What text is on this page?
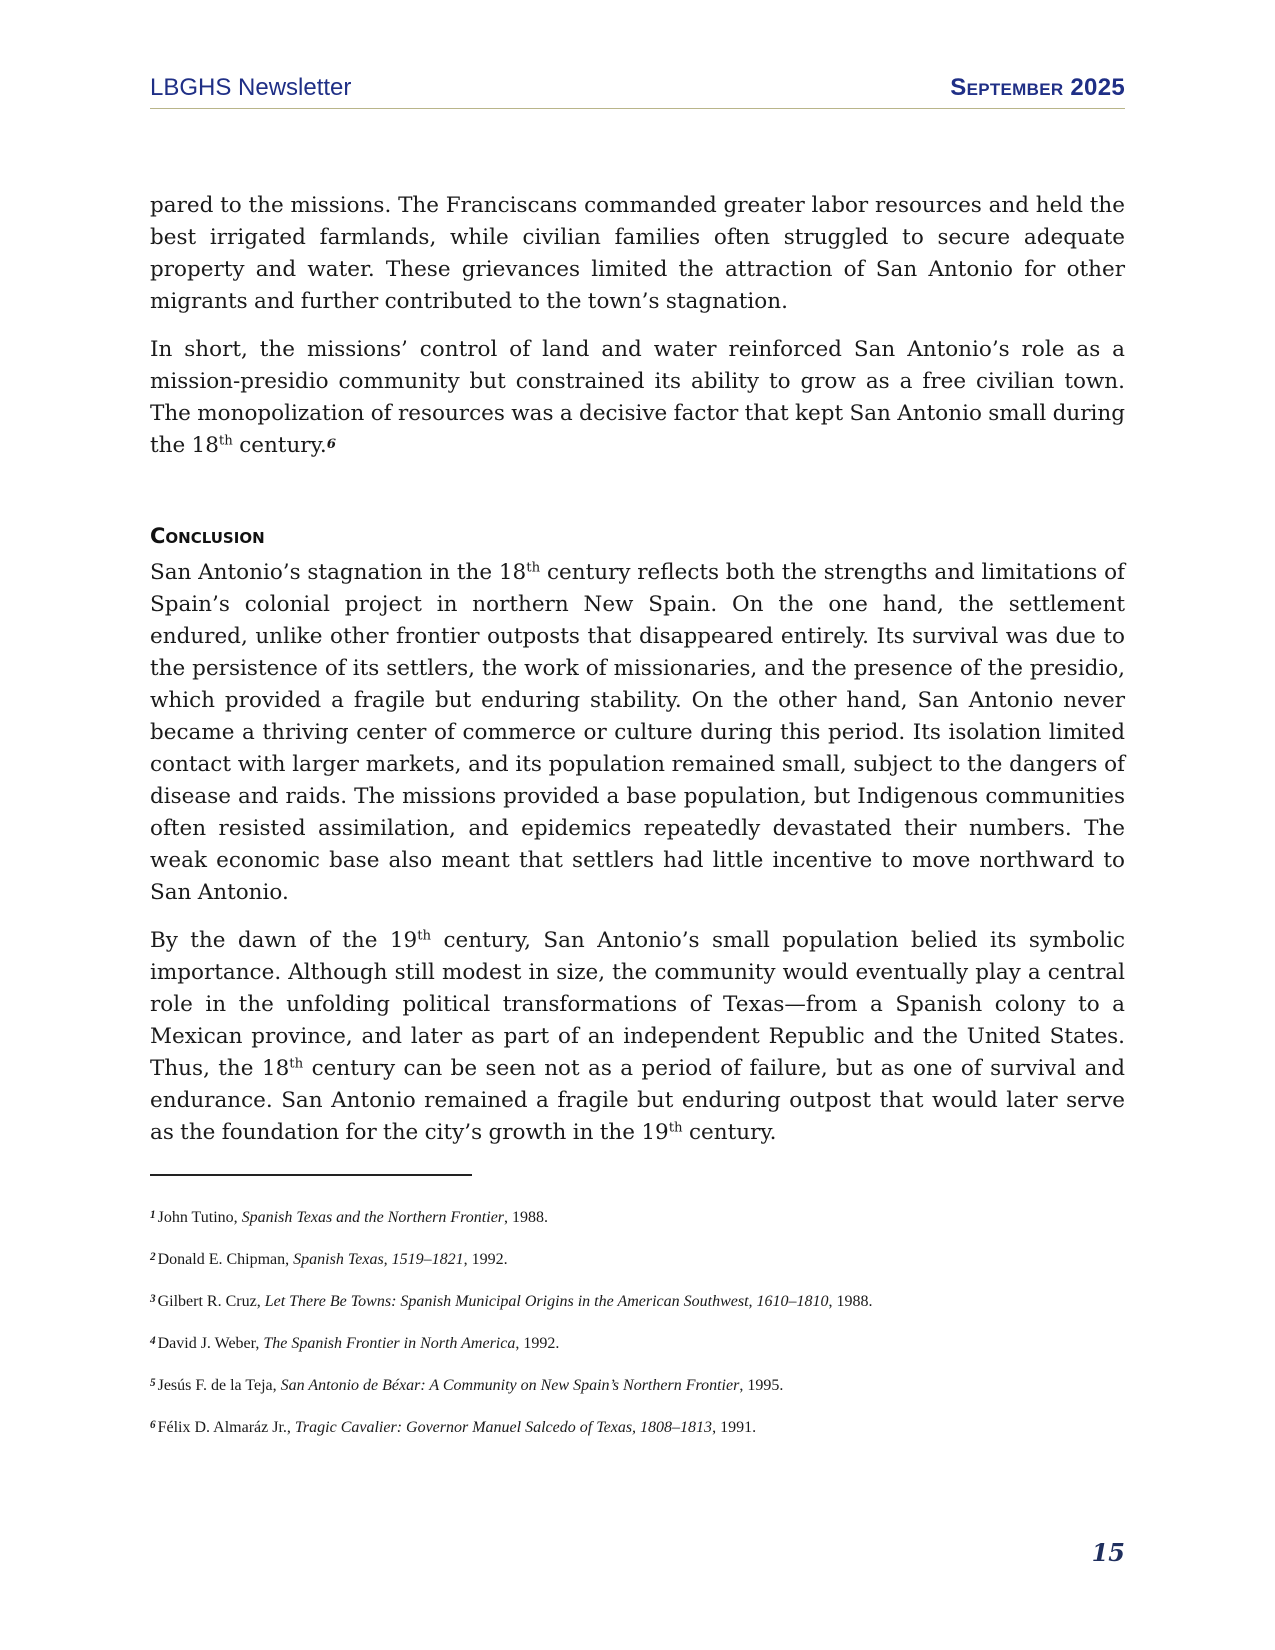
LBGHS Newsletter	September 2025

pared to the missions. The Franciscans commanded greater labor resources and held the best irrigated farmlands, while civilian families often struggled to secure adequate property and water. These grievances limited the attraction of San Antonio for other migrants and further contributed to the town’s stagnation.

In short, the missions’ control of land and water reinforced San Antonio’s role as a mission-presidio community but constrained its ability to grow as a free civilian town. The monopolization of resources was a decisive factor that kept San Antonio small during the 18th century.6

Conclusion

San Antonio’s stagnation in the 18th century reflects both the strengths and limitations of Spain’s colonial project in northern New Spain. On the one hand, the settlement endured, unlike other frontier outposts that disappeared entirely. Its survival was due to the persistence of its settlers, the work of missionaries, and the presence of the presidio, which provided a fragile but enduring stability. On the other hand, San Antonio never became a thriving center of commerce or culture during this period. Its isolation limited contact with larger markets, and its population remained small, subject to the dangers of disease and raids. The missions provided a base population, but Indigenous communities often resisted assimilation, and epidemics repeatedly devastated their numbers. The weak economic base also meant that settlers had little incentive to move northward to San Antonio.

By the dawn of the 19th century, San Antonio’s small population belied its symbolic importance. Although still modest in size, the community would eventually play a central role in the unfolding political transformations of Texas—from a Spanish colony to a Mexican province, and later as part of an independent Republic and the United States. Thus, the 18th century can be seen not as a period of failure, but as one of survival and endurance. San Antonio remained a fragile but enduring outpost that would later serve as the foundation for the city’s growth in the 19th century.

$^1$ John Tutino, Spanish Texas and the Northern Frontier, 1988.
$^2$ Donald E. Chipman, Spanish Texas, 1519–1821, 1992.
$^3$ Gilbert R. Cruz, Let There Be Towns: Spanish Municipal Origins in the American Southwest, 1610–1810, 1988.
$^4$ David J. Weber, The Spanish Frontier in North America, 1992.
$^5$ Jesús F. de la Teja, San Antonio de Béxar: A Community on New Spain’s Northern Frontier, 1995.
$^6$ Félix D. Almaráz Jr., Tragic Cavalier: Governor Manuel Salcedo of Texas, 1808–1813, 1991.
15
